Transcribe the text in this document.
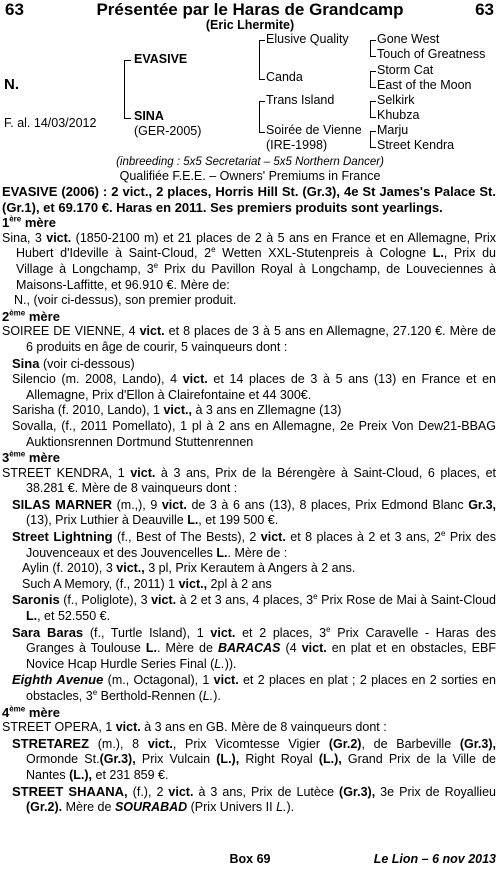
63	Présentée par le Haras de Grandcamp	63
(Eric Lhermite)
N.
F. al. 14/03/2012
EVASIVE
SINA
(GER-2005)
Elusive Quality
Canda
Trans Island
Soirée de Vienne
(IRE-1998)
Gone West
Touch of Greatness
Storm Cat
East of the Moon
Selkirk
Khubza
Marju
Street Kendra
(inbreeding : 5x5 Secretariat – 5x5 Northern Dancer)
Qualifiée F.E.E. – Owners' Premiums in France

EVASIVE (2006) : 2 vict., 2 places, Horris Hill St. (Gr.3), 4e St James's Palace St. (Gr.1), et 69.170 €. Haras en 2011. Ses premiers produits sont yearlings.

1ère mère

Sina, 3 vict. (1850-2100 m) et 21 places de 2 à 5 ans en France et en Allemagne, Prix Hubert d'Ideville à Saint-Cloud, 2e Wetten XXL-Stutenpreis à Cologne L., Prix du Village à Longchamp, 3e Prix du Pavillon Royal à Longchamp, de Louveciennes à Maisons-Laffitte, et 96.910 €. Mère de:

N., (voir ci-dessus), son premier produit.

2ème mère

SOIREE DE VIENNE, 4 vict. et 8 places de 3 à 5 ans en Allemagne, 27.120 €. Mère de 6 produits en âge de courir, 5 vainqueurs dont :

Sina (voir ci-dessous)

Silencio (m. 2008, Lando), 4 vict. et 14 places de 3 à 5 ans (13) en France et en Allemagne, Prix d'Ellon à Clairefontaine et 44 300€.

Sarisha (f. 2010, Lando), 1 vict., à 3 ans en Zllemagne (13)

Sovalla, (f., 2011 Pomellato), 1 pl à 2 ans en Allemagne, 2e Preix Von Dew21-BBAG Auktionsrennen Dortmund Stuttenrennen

3ème mère

STREET KENDRA, 1 vict. à 3 ans, Prix de la Bérengère à Saint-Cloud, 6 places, et 38.281 €. Mère de 8 vainqueurs dont :

SILAS MARNER (m.,), 9 vict. de 3 à 6 ans (13), 8 places, Prix Edmond Blanc Gr.3, (13), Prix Luthier à Deauville L., et 199 500 €.

Street Lightning (f., Best of The Bests), 2 vict. et 8 places à 2 et 3 ans, 2e Prix des Jouvenceaux et des Jouvencelles L.. Mère de :

Aylin (f. 2010), 3 vict., 3 pl, Prix Kerautem à Angers à 2 ans.

Such A Memory, (f., 2011) 1 vict., 2pl à 2 ans

Saronis (f., Poliglote), 3 vict. à 2 et 3 ans, 4 places, 3e Prix Rose de Mai à Saint-Cloud L., et 52.550 €.

Sara Baras (f., Turtle Island), 1 vict. et 2 places, 3e Prix Caravelle - Haras des Granges à Toulouse L.. Mère de BARACAS (4 vict. en plat et en obstacles, EBF Novice Hcap Hurdle Series Final (L.)).

Eighth Avenue (m., Octagonal), 1 vict. et 2 places en plat ; 2 places en 2 sorties en obstacles, 3e Berthold-Rennen (L.).

4ème mère

STREET OPERA, 1 vict. à 3 ans en GB. Mère de 8 vainqueurs dont :

STRETAREZ (m.), 8 vict., Prix Vicomtesse Vigier (Gr.2), de Barbeville (Gr.3), Ormonde St.(Gr.3), Prix Vulcain (L.), Right Royal (L.), Grand Prix de la Ville de Nantes (L.), et 231 859 €.

STREET SHAANA, (f.), 2 vict. à 3 ans, Prix de Lutèce (Gr.3), 3e Prix de Royallieu (Gr.2). Mère de SOURABAD (Prix Univers II L.).

Box 69	Le Lion – 6 nov 2013
